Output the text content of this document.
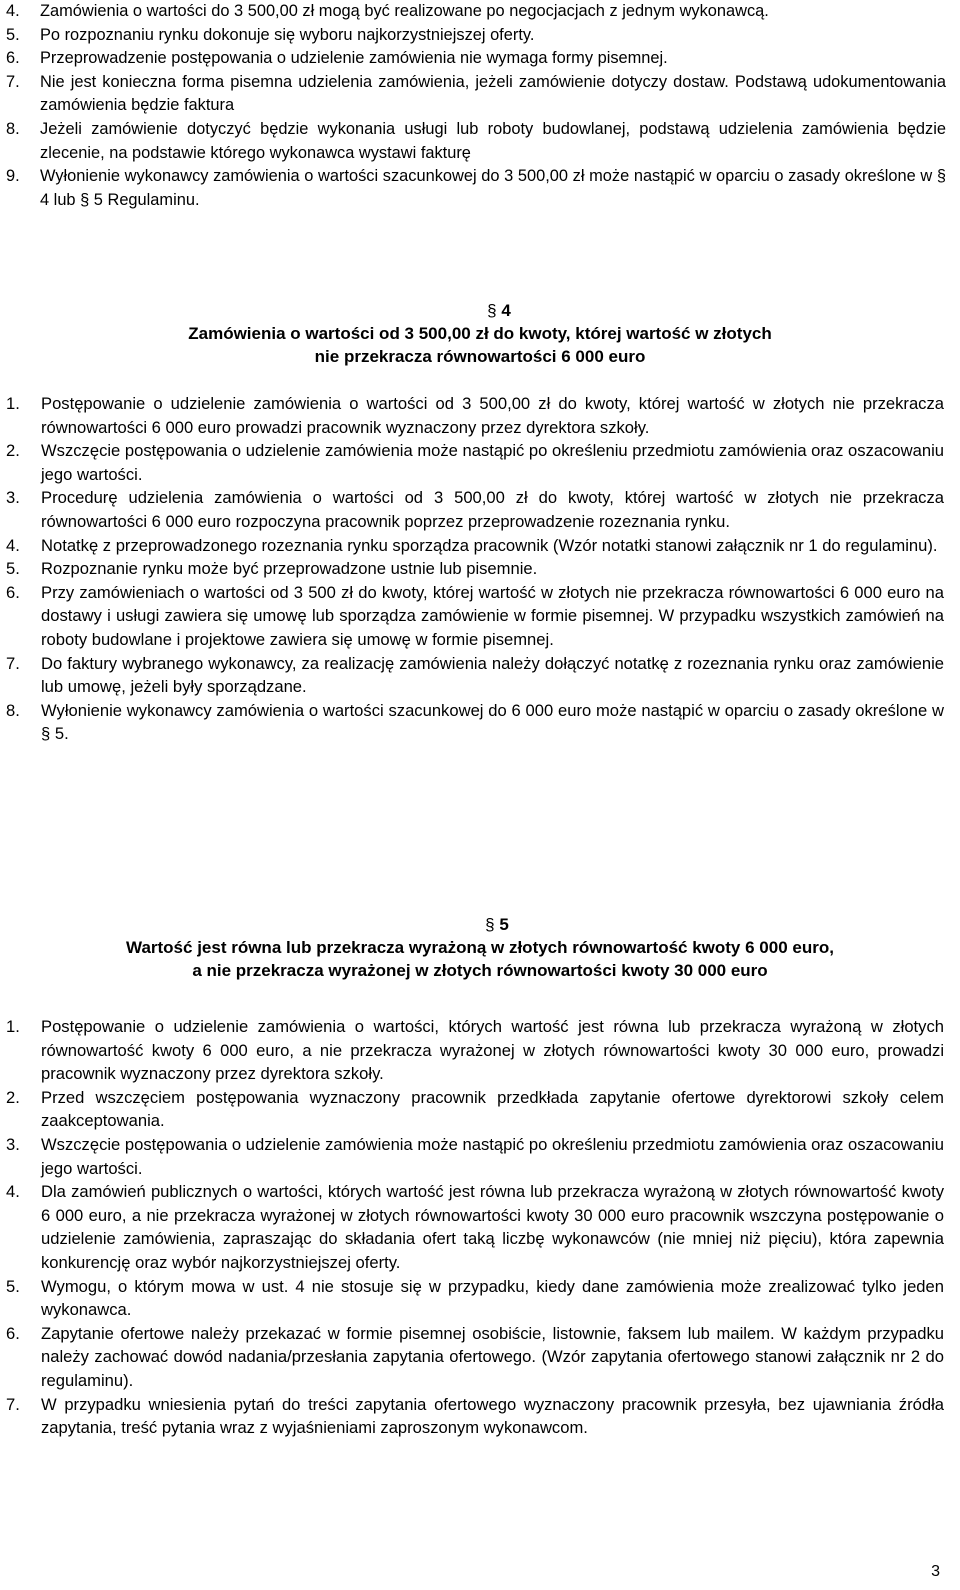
4.	Zamówienia o wartości do 3 500,00 zł mogą być realizowane po negocjacjach z jednym wykonawcą.
5.	Po rozpoznaniu rynku dokonuje się wyboru najkorzystniejszej oferty.
6.	Przeprowadzenie postępowania o udzielenie zamówienia nie wymaga formy pisemnej.
7.	Nie jest konieczna forma pisemna udzielenia zamówienia, jeżeli zamówienie dotyczy dostaw. Podstawą udokumentowania zamówienia będzie faktura
8.	Jeżeli zamówienie dotyczyć będzie wykonania usługi lub roboty budowlanej, podstawą udzielenia zamówienia będzie zlecenie, na podstawie którego wykonawca wystawi fakturę
9.	Wyłonienie wykonawcy zamówienia o wartości szacunkowej do 3 500,00 zł może nastąpić w oparciu o zasady określone w § 4 lub § 5 Regulaminu.
§ 4
Zamówienia o wartości od 3 500,00 zł do kwoty, której wartość w złotych
nie przekracza równowartości 6 000 euro
1.	Postępowanie o udzielenie zamówienia o wartości od 3 500,00 zł do kwoty, której wartość w złotych nie przekracza równowartości 6 000 euro prowadzi pracownik wyznaczony przez dyrektora szkoły.
2.	Wszczęcie postępowania o udzielenie zamówienia może nastąpić po określeniu przedmiotu zamówienia oraz oszacowaniu jego wartości.
3.	Procedurę udzielenia zamówienia o wartości od 3 500,00 zł do kwoty, której wartość w złotych nie przekracza równowartości 6 000 euro rozpoczyna pracownik poprzez przeprowadzenie rozeznania rynku.
4.	Notatkę z przeprowadzonego rozeznania rynku sporządza pracownik (Wzór notatki stanowi załącznik nr 1 do regulaminu).
5.	Rozpoznanie rynku może być przeprowadzone ustnie lub pisemnie.
6.	Przy zamówieniach o wartości od 3 500 zł do kwoty, której wartość w złotych nie przekracza równowartości 6 000 euro na dostawy i usługi zawiera się umowę lub sporządza zamówienie w formie pisemnej. W przypadku wszystkich zamówień na roboty budowlane i projektowe zawiera się umowę w formie pisemnej.
7.	Do faktury wybranego wykonawcy, za realizację zamówienia należy dołączyć notatkę z rozeznania rynku oraz zamówienie lub umowę, jeżeli były sporządzane.
8.	Wyłonienie wykonawcy zamówienia o wartości szacunkowej do 6 000 euro może nastąpić w oparciu o zasady określone w § 5.
§ 5
Wartość jest równa lub przekracza wyrażoną w złotych równowartość kwoty 6 000 euro,
a nie przekracza wyrażonej w złotych równowartości kwoty 30 000 euro
1.	Postępowanie o udzielenie zamówienia o wartości, których wartość jest równa lub przekracza wyrażoną w złotych równowartość kwoty 6 000 euro, a nie przekracza wyrażonej w złotych równowartości kwoty 30 000 euro, prowadzi pracownik wyznaczony przez dyrektora szkoły.
2.	Przed wszczęciem postępowania wyznaczony pracownik przedkłada zapytanie ofertowe dyrektorowi szkoły celem zaakceptowania.
3.	Wszczęcie postępowania o udzielenie zamówienia może nastąpić po określeniu przedmiotu zamówienia oraz oszacowaniu jego wartości.
4.	Dla zamówień publicznych o wartości, których wartość jest równa lub przekracza wyrażoną w złotych równowartość kwoty 6 000 euro, a nie przekracza wyrażonej w złotych równowartości kwoty 30 000 euro pracownik wszczyna postępowanie o udzielenie zamówienia, zapraszając do składania ofert taką liczbę wykonawców (nie mniej niż pięciu), która zapewnia konkurencję oraz wybór najkorzystniejszej oferty.
5.	Wymogu, o którym mowa w ust. 4 nie stosuje się w przypadku, kiedy dane zamówienia może zrealizować tylko jeden wykonawca.
6.	Zapytanie ofertowe należy przekazać w formie pisemnej osobiście, listownie, faksem lub mailem. W każdym przypadku należy zachować dowód nadania/przesłania zapytania ofertowego. (Wzór zapytania ofertowego stanowi załącznik nr 2 do regulaminu).
7.	W przypadku wniesienia pytań do treści zapytania ofertowego wyznaczony pracownik przesyła, bez ujawniania źródła zapytania, treść pytania wraz z wyjaśnieniami zaproszonym wykonawcom.
3
